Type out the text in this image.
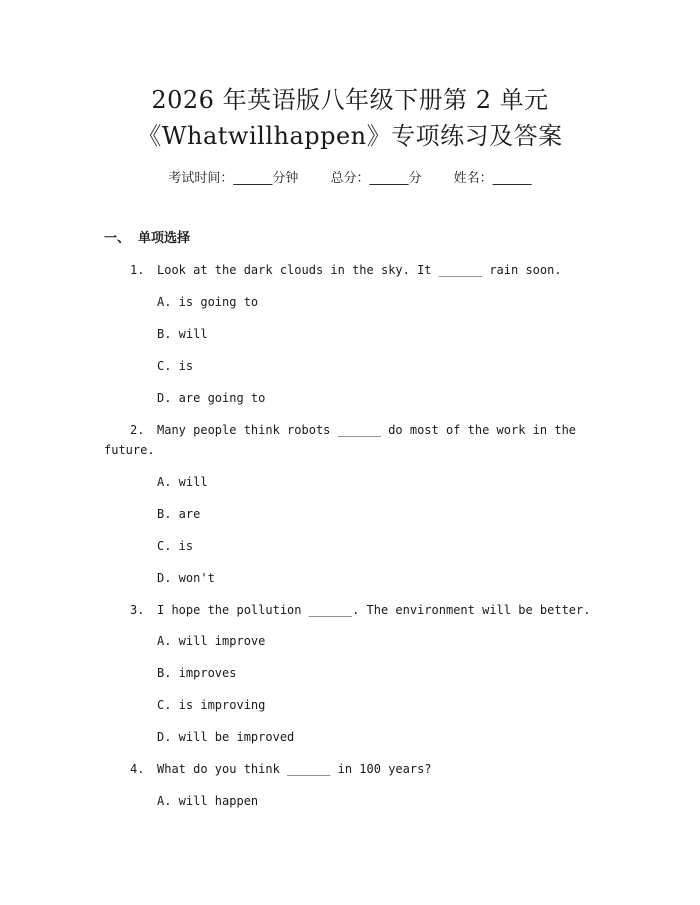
2026 年英语版八年级下册第 2 单元
《Whatwillhappen》专项练习及答案
考试时间：______分钟 总分：______分 姓名：______
一、 单项选择
1. Look at the dark clouds in the sky. It ______ rain soon.
A. is going to
B. will
C. is
D. are going to
2. Many people think robots ______ do most of the work in the
future.
A. will
B. are
C. is
D. won't
3. I hope the pollution ______. The environment will be better.
A. will improve
B. improves
C. is improving
D. will be improved
4. What do you think ______ in 100 years?
A. will happen
